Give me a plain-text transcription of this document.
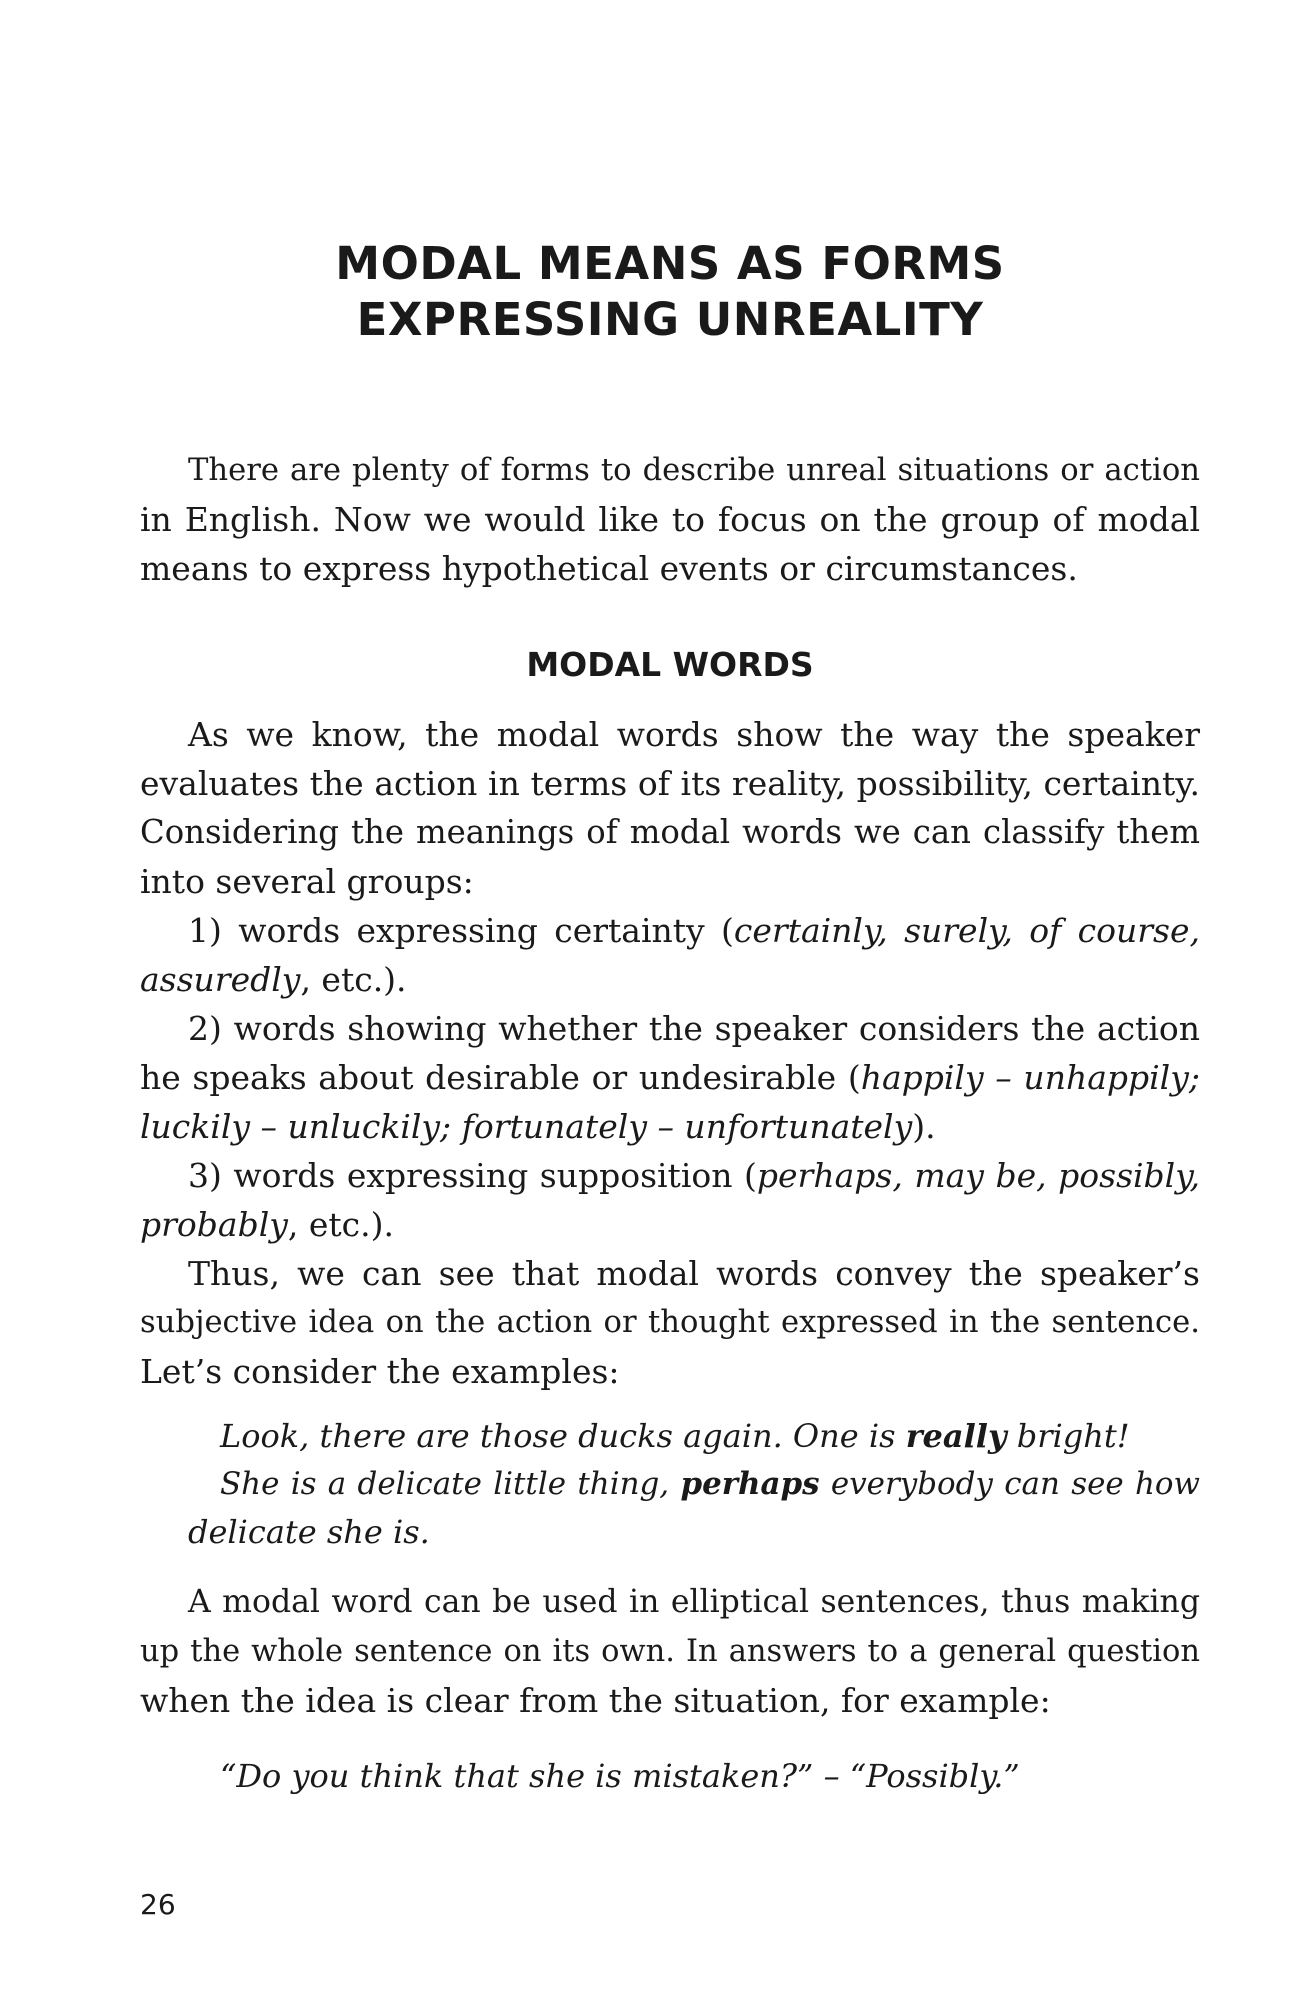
MODAL MEANS AS FORMS
EXPRESSING UNREALITY

There are plenty of forms to describe unreal situations or action
in English. Now we would like to focus on the group of modal
means to express hypothetical events or circumstances.

MODAL WORDS
As we know, the modal words show the way the speaker
evaluates the action in terms of its reality, possibility, certainty.
Considering the meanings of modal words we can classify them
into several groups:
1) words expressing certainty (certainly, surely, of course,
assuredly, etc.).
2) words showing whether the speaker considers the action
he speaks about desirable or undesirable (happily – unhappily;
luckily – unluckily; fortunately – unfortunately).
3) words expressing supposition (perhaps, may be, possibly,
probably, etc.).
Thus, we can see that modal words convey the speaker’s
subjective idea on the action or thought expressed in the sentence.
Let’s consider the examples:
Look, there are those ducks again. One is really bright!
She is a delicate little thing, perhaps everybody can see how
delicate she is.
A modal word can be used in elliptical sentences, thus making
up the whole sentence on its own. In answers to a general question
when the idea is clear from the situation, for example:
“Do you think that she is mistaken?” – “Possibly.”
26
